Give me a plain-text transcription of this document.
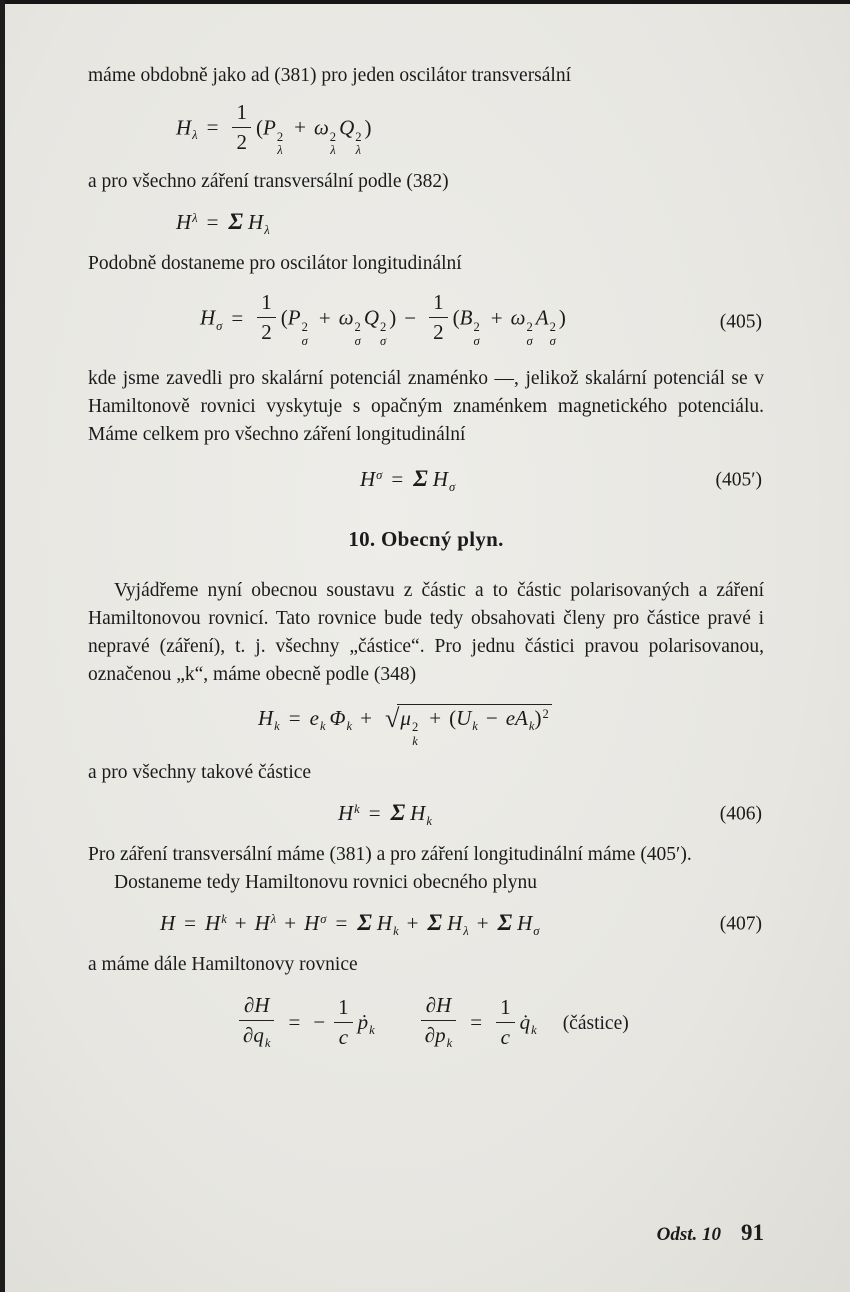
máme obdobně jako ad (381) pro jeden oscilátor transversální

$H_\lambda = \frac{1}{2} (P$ 2
λ
+ ω 2
λ
Q 2
λ
)

a pro všechno záření transversální podle (382)

$H^\lambda = \Sigma$ $H_\lambda$

Podobně dostaneme pro oscilátor longitudinální

$H_\sigma = \frac{1}{2} (P$ 2
σ
+ ω 2
σ
Q 2
σ
) − $\frac{1}{2} (B$ 2
σ
+ ω 2
σ
A 2
σ
)	(405)

kde jsme zavedli pro skalární potenciál znaménko —, jelikož skalární potenciál se v Hamiltonově rovnici vyskytuje s opačným znaménkem magnetického potenciálu. Máme celkem pro všechno záření longitudinální

$H^\sigma = \Sigma$ $H_\sigma$	(405′)
10. Obecný plyn.

Vyjádřeme nyní obecnou soustavu z částic a to částic polarisovaných a záření Hamiltonovou rovnicí. Tato rovnice bude tedy obsahovati členy pro částice pravé i nepravé (záření), t. j. všechny „částice“. Pro jednu částici pravou polarisovanou, označenou „k“, máme obecně podle (348)

$H_k = e_k$ $\Phi_k + √\mu$ 2
k
+ $(U_k - eA_k)^2$

a pro všechny takové částice

$H^k = \Sigma$ $H_k$	(406)

Pro záření transversální máme (381) a pro záření longitudinální máme (405′).

Dostaneme tedy Hamiltonovu rovnici obecného plynu

$H = H^k + H^\lambda + H^\sigma = \Sigma$ $H_k + \Sigma$ $H_\lambda + \Sigma$ $H_\sigma$	(407)

a máme dále Hamiltonovy rovnice

$\frac{\partial H}{\partial q_k}$ = − $\frac{1}{c}$ ṗ$_k$ $\frac{\partial H}{\partial p_k} = \frac{1}{c}$ $q̇_k$ (částice)
Odst. 10 91
